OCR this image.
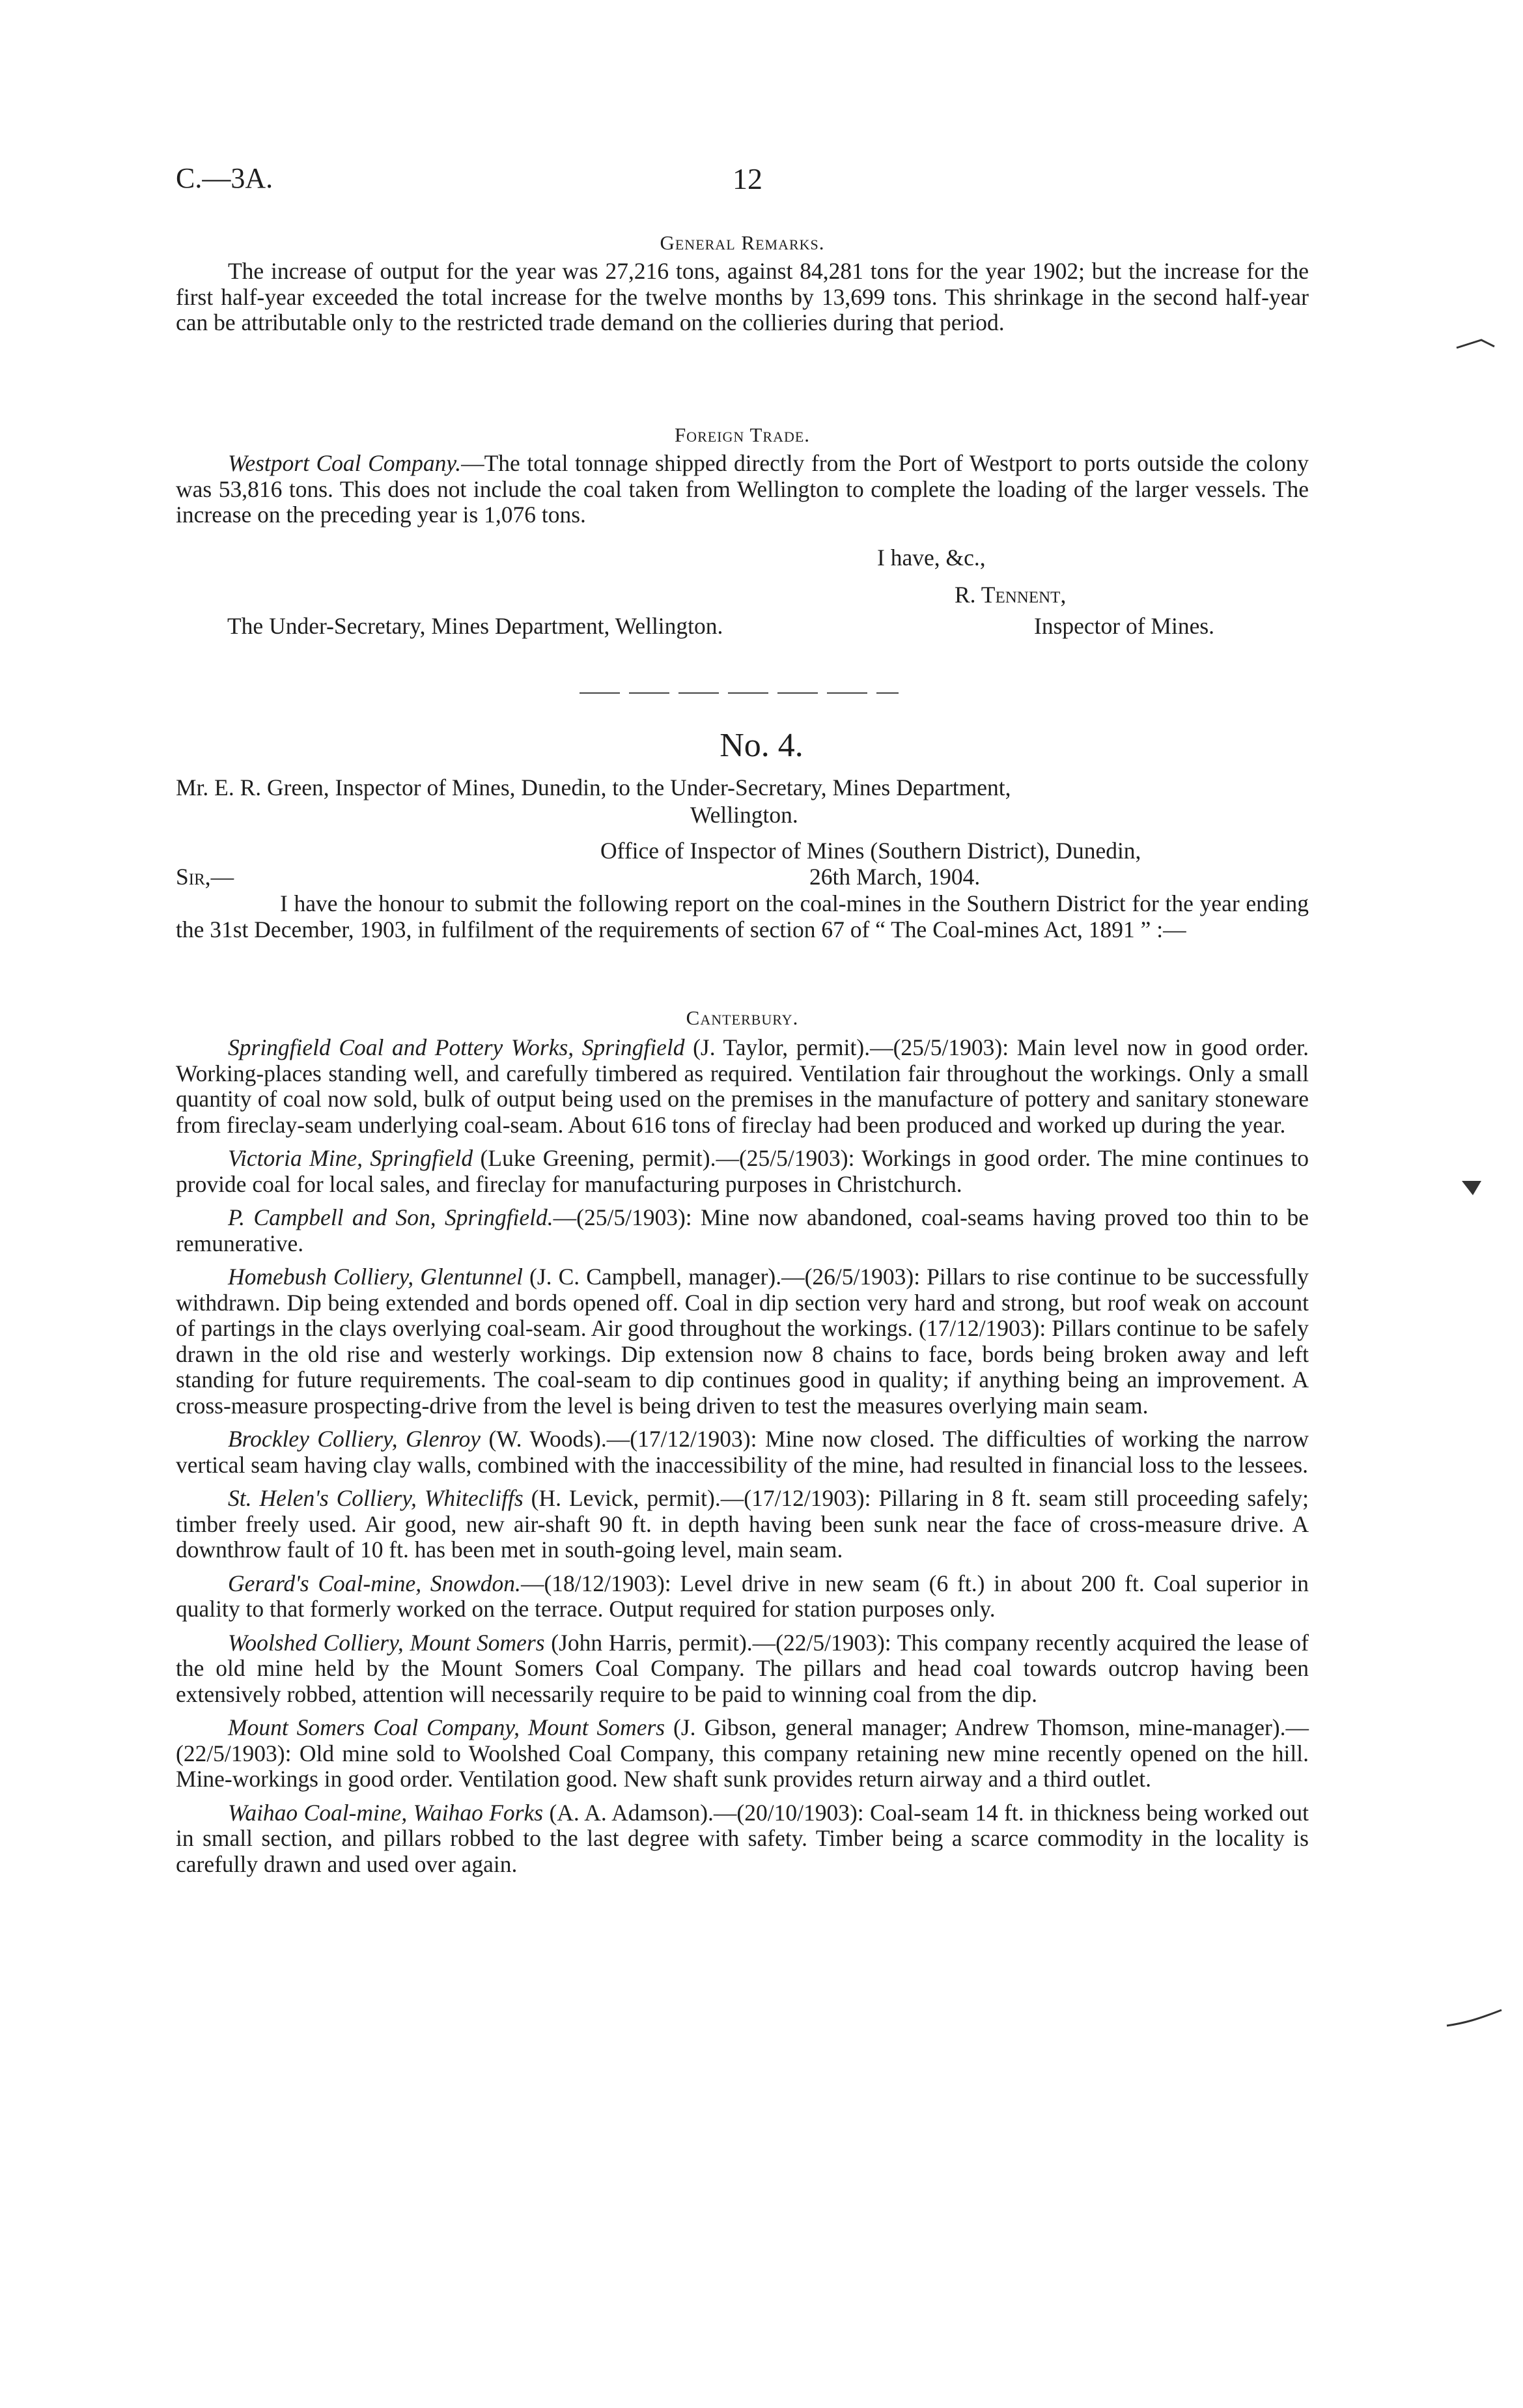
C.—3A.	12
General Remarks.

The increase of output for the year was 27,216 tons, against 84,281 tons for the year 1902; but the increase for the first half-year exceeded the total increase for the twelve months by 13,699 tons. This shrinkage in the second half-year can be attributable only to the restricted trade demand on the collieries during that period.

Foreign Trade.

Westport Coal Company.—The total tonnage shipped directly from the Port of Westport to ports outside the colony was 53,816 tons. This does not include the coal taken from Wellington to complete the loading of the larger vessels. The increase on the preceding year is 1,076 tons.

I have, &c.,
R. Tennent,
The Under-Secretary, Mines Department, Wellington.	Inspector of Mines.
No. 4.

Mr. E. R. Green, Inspector of Mines, Dunedin, to the Under-Secretary, Mines Department,

Wellington.
Office of Inspector of Mines (Southern District), Dunedin,
Sir,—	26th March, 1904.

I have the honour to submit the following report on the coal-mines in the Southern District for the year ending the 31st December, 1903, in fulfilment of the requirements of section 67 of “ The Coal-mines Act, 1891 ” :—

Canterbury.

Springfield Coal and Pottery Works, Springfield (J. Taylor, permit).—(25/5/1903): Main level now in good order. Working-places standing well, and carefully timbered as required. Ventilation fair throughout the workings. Only a small quantity of coal now sold, bulk of output being used on the premises in the manufacture of pottery and sanitary stoneware from fireclay-seam underlying coal-seam. About 616 tons of fireclay had been produced and worked up during the year.

Victoria Mine, Springfield (Luke Greening, permit).—(25/5/1903): Workings in good order. The mine continues to provide coal for local sales, and fireclay for manufacturing purposes in Christchurch.

P. Campbell and Son, Springfield.—(25/5/1903): Mine now abandoned, coal-seams having proved too thin to be remunerative.

Homebush Colliery, Glentunnel (J. C. Campbell, manager).—(26/5/1903): Pillars to rise continue to be successfully withdrawn. Dip being extended and bords opened off. Coal in dip section very hard and strong, but roof weak on account of partings in the clays overlying coal-seam. Air good throughout the workings. (17/12/1903): Pillars continue to be safely drawn in the old rise and westerly workings. Dip extension now 8 chains to face, bords being broken away and left standing for future requirements. The coal-seam to dip continues good in quality; if anything being an improvement. A cross-measure prospecting-drive from the level is being driven to test the measures overlying main seam.

Brockley Colliery, Glenroy (W. Woods).—(17/12/1903): Mine now closed. The difficulties of working the narrow vertical seam having clay walls, combined with the inaccessibility of the mine, had resulted in financial loss to the lessees.

St. Helen's Colliery, Whitecliffs (H. Levick, permit).—(17/12/1903): Pillaring in 8 ft. seam still proceeding safely; timber freely used. Air good, new air-shaft 90 ft. in depth having been sunk near the face of cross-measure drive. A downthrow fault of 10 ft. has been met in south-going level, main seam.

Gerard's Coal-mine, Snowdon.—(18/12/1903): Level drive in new seam (6 ft.) in about 200 ft. Coal superior in quality to that formerly worked on the terrace. Output required for station purposes only.

Woolshed Colliery, Mount Somers (John Harris, permit).—(22/5/1903): This company recently acquired the lease of the old mine held by the Mount Somers Coal Company. The pillars and head coal towards outcrop having been extensively robbed, attention will necessarily require to be paid to winning coal from the dip.

Mount Somers Coal Company, Mount Somers (J. Gibson, general manager; Andrew Thomson, mine-manager).—(22/5/1903): Old mine sold to Woolshed Coal Company, this company retaining new mine recently opened on the hill. Mine-workings in good order. Ventilation good. New shaft sunk provides return airway and a third outlet.

Waihao Coal-mine, Waihao Forks (A. A. Adamson).—(20/10/1903): Coal-seam 14 ft. in thickness being worked out in small section, and pillars robbed to the last degree with safety. Timber being a scarce commodity in the locality is carefully drawn and used over again.
